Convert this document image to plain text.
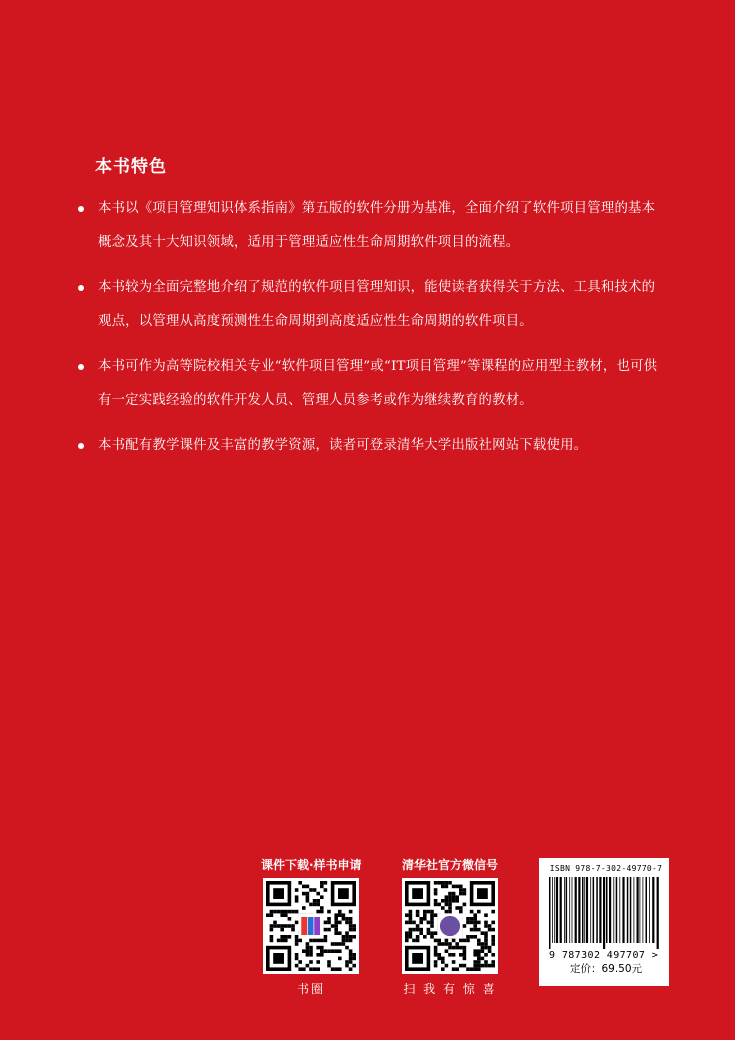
本书特色
本书以《项目管理知识体系指南》第五版的软件分册为基准，全面介绍了软件项目管理的基本概念及其十大知识领域，适用于管理适应性生命周期软件项目的流程。
本书较为全面完整地介绍了规范的软件项目管理知识，能使读者获得关于方法、工具和技术的观点，以管理从高度预测性生命周期到高度适应性生命周期的软件项目。
本书可作为高等院校相关专业“软件项目管理”或“IT项目管理”等课程的应用型主教材，也可供有一定实践经验的软件开发人员、管理人员参考或作为继续教育的教材。
本书配有教学课件及丰富的教学资源，读者可登录清华大学出版社网站下载使用。
课件下载·样书申请
书圈
清华社官方微信号
扫 我 有 惊 喜
ISBN 978-7-302-49770-7
9 787302 497707 >
定价：69.50元
